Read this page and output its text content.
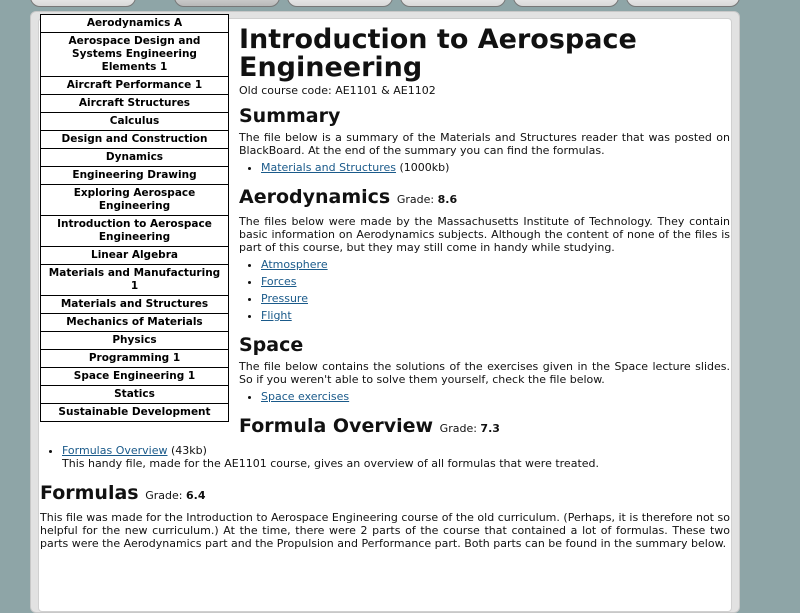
Aerodynamics A
Aerospace Design and Systems Engineering Elements 1
Aircraft Performance 1
Aircraft Structures
Calculus
Design and Construction
Dynamics
Engineering Drawing
Exploring Aerospace Engineering
Introduction to Aerospace Engineering
Linear Algebra
Materials and Manufacturing 1
Materials and Structures
Mechanics of Materials
Physics
Programming 1
Space Engineering 1
Statics
Sustainable Development
Introduction to Aerospace Engineering
Old course code: AE1101 & AE1102
Summary
The file below is a summary of the Materials and Structures reader that was posted on BlackBoard. At the end of the summary you can find the formulas.
• Materials and Structures (1000kb)
Aerodynamics Grade: 8.6
The files below were made by the Massachusetts Institute of Technology. They contain basic information on Aerodynamics subjects. Although the content of none of the files is part of this course, but they may still come in handy while studying.
• Atmosphere
• Forces
• Pressure
• Flight
Space
The file below contains the solutions of the exercises given in the Space lecture slides. So if you weren't able to solve them yourself, check the file below.
• Space exercises
Formula Overview Grade: 7.3
• Formulas Overview (43kb)
This handy file, made for the AE1101 course, gives an overview of all formulas that were treated.
Formulas Grade: 6.4
This file was made for the Introduction to Aerospace Engineering course of the old curriculum. (Perhaps, it is therefore not so helpful for the new curriculum.) At the time, there were 2 parts of the course that contained a lot of formulas. These two parts were the Aerodynamics part and the Propulsion and Performance part. Both parts can be found in the summary below.
